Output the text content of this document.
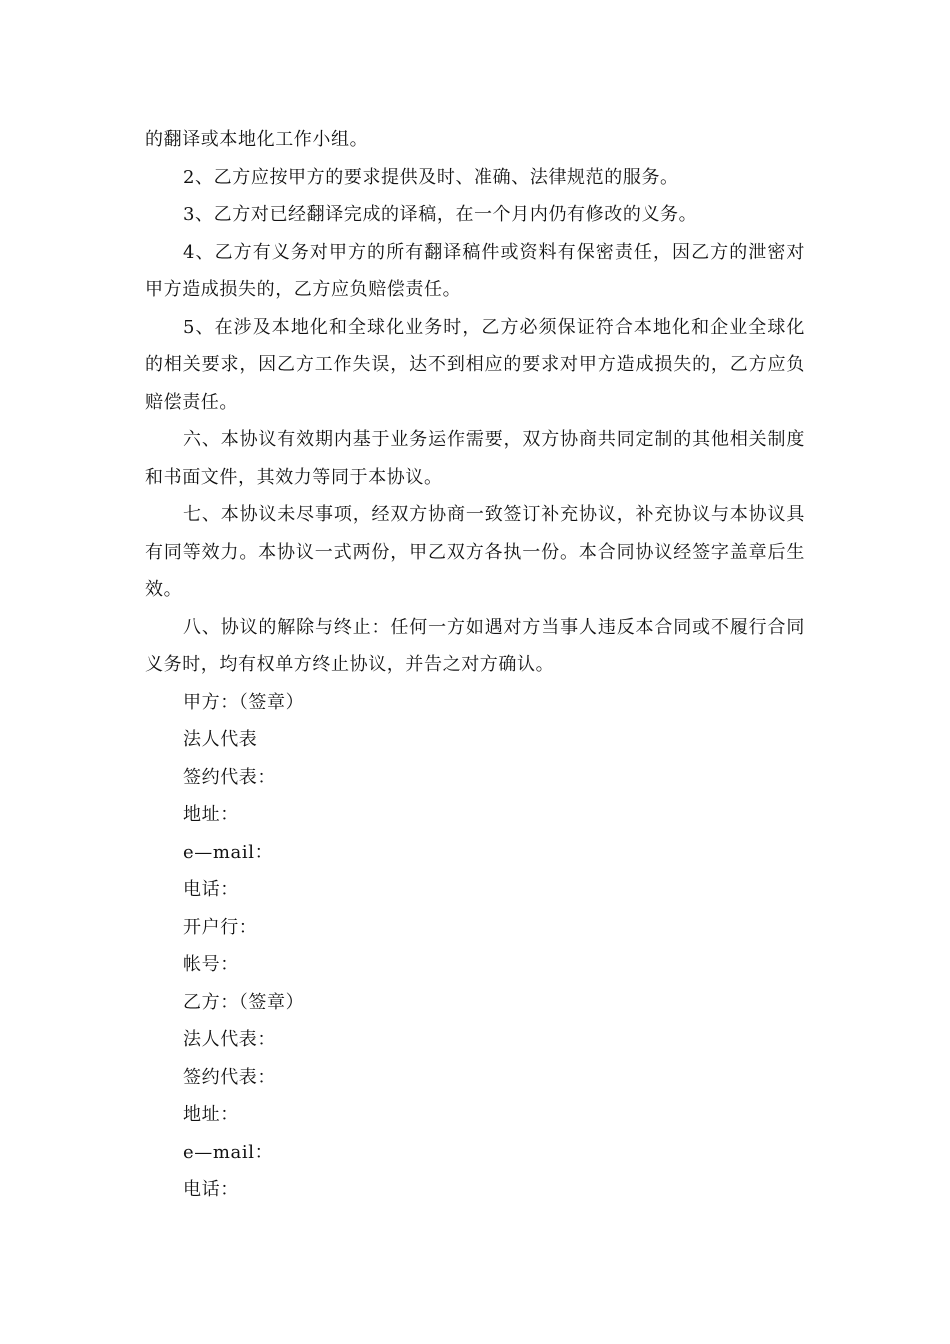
的翻译或本地化工作小组。

2、乙方应按甲方的要求提供及时、准确、法律规范的服务。

3、乙方对已经翻译完成的译稿，在一个月内仍有修改的义务。

4、乙方有义务对甲方的所有翻译稿件或资料有保密责任，因乙方的泄密对甲方造成损失的，乙方应负赔偿责任。

5、在涉及本地化和全球化业务时，乙方必须保证符合本地化和企业全球化的相关要求，因乙方工作失误，达不到相应的要求对甲方造成损失的，乙方应负赔偿责任。

六、本协议有效期内基于业务运作需要，双方协商共同定制的其他相关制度和书面文件，其效力等同于本协议。

七、本协议未尽事项，经双方协商一致签订补充协议，补充协议与本协议具有同等效力。本协议一式两份，甲乙双方各执一份。本合同协议经签字盖章后生效。

八、协议的解除与终止：任何一方如遇对方当事人违反本合同或不履行合同义务时，均有权单方终止协议，并告之对方确认。

甲方：（签章）

法人代表

签约代表：

地址：

e—mail：

电话：

开户行：

帐号：

乙方：（签章）

法人代表：

签约代表：

地址：

e—mail：

电话：
